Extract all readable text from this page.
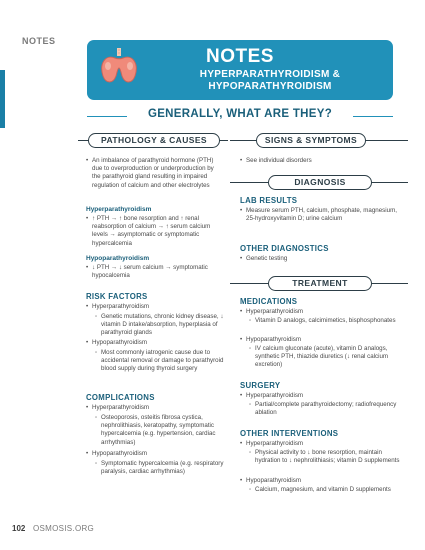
NOTES
NOTES
HYPERPARATHYROIDISM &
HYPOPARATHYROIDISM
GENERALLY, WHAT ARE THEY?
PATHOLOGY & CAUSES
• An imbalance of parathyroid hormone (PTH) due to overproduction or underproduction by the parathyroid gland resulting in impaired regulation of calcium and other electrolytes
Hyperparathyroidism
• ↑ PTH → ↑ bone resorption and ↑ renal reabsorption of calcium → ↑ serum calcium levels → asymptomatic or symptomatic hypercalcemia
Hypoparathyroidism
• ↓ PTH → ↓ serum calcium → symptomatic hypocalcemia
RISK FACTORS
• Hyperparathyroidism
◦ Genetic mutations, chronic kidney disease, ↓ vitamin D intake/absorption, hyperplasia of parathyroid glands
• Hypoparathyroidism
◦ Most commonly iatrogenic cause due to accidental removal or damage to parathyroid blood supply during thyroid surgery
COMPLICATIONS
• Hyperparathyroidism
◦ Osteoporosis, osteitis fibrosa cystica, nephrolithiasis, keratopathy, symptomatic hypercalcemia (e.g. hypertension, cardiac arrhythmias)
• Hypoparathyroidism
◦ Symptomatic hypercalcemia (e.g. respiratory paralysis, cardiac arrhythmias)
SIGNS & SYMPTOMS
• See individual disorders
DIAGNOSIS
LAB RESULTS
• Measure serum PTH, calcium, phosphate, magnesium, 25-hydroxyvitamin D; urine calcium
OTHER DIAGNOSTICS
• Genetic testing
TREATMENT
MEDICATIONS
• Hyperparathyroidism
◦ Vitamin D analogs, calcimimetics, bisphosphonates
• Hypoparathyroidism
◦ IV calcium gluconate (acute), vitamin D analogs, synthetic PTH, thiazide diuretics (↓ renal calcium excretion)
SURGERY
• Hyperparathyroidism
◦ Partial/complete parathyroidectomy; radiofrequency ablation
OTHER INTERVENTIONS
• Hyperparathyroidism
◦ Physical activity to ↓ bone resorption, maintain hydration to ↓ nephrolithiasis; vitamin D supplements
• Hypoparathyroidism
◦ Calcium, magnesium, and vitamin D supplements
102 OSMOSIS.ORG
